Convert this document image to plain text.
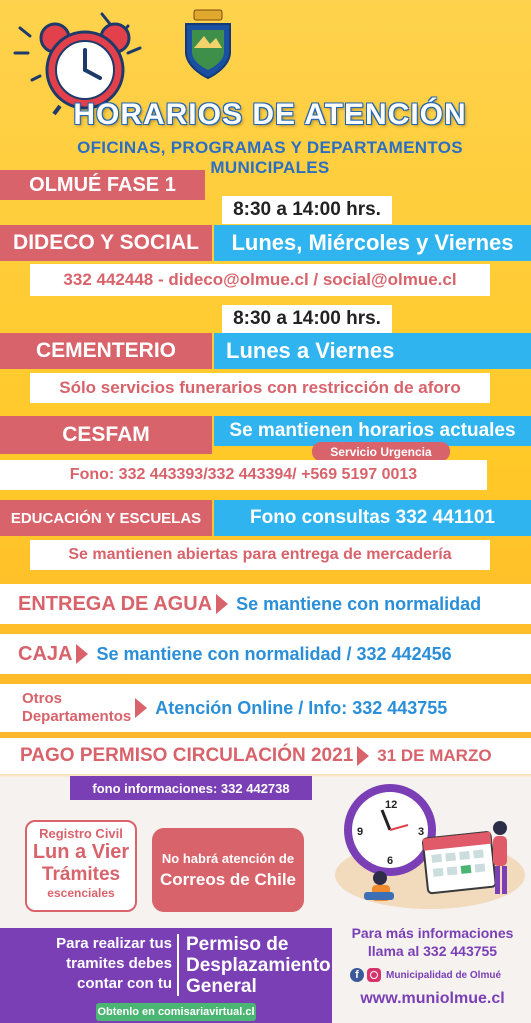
HORARIOS DE ATENCIÓN
OFICINAS, PROGRAMAS Y DEPARTAMENTOS MUNICIPALES
OLMUÉ FASE 1
8:30 a 14:00 hrs.
DIDECO Y SOCIAL	Lunes, Miércoles y Viernes
332 442448 - dideco@olmue.cl / social@olmue.cl
8:30 a 14:00 hrs.
CEMENTERIO	Lunes a Viernes
Sólo servicios funerarios con restricción de aforo
CESFAM	Se mantienen horarios actuales
Servicio Urgencia
Fono: 332 443393/332 443394/ +569 5197 0013
EDUCACIÓN Y ESCUELAS	Fono consultas 332 441101
Se mantienen abiertas para entrega de mercadería
ENTREGA DE AGUA Se mantiene con normalidad
CAJA Se mantiene con normalidad / 332 442456
Otros
Departamentos Atención Online / Info: 332 443755
PAGO PERMISO CIRCULACIÓN 2021 31 DE MARZO
fono informaciones: 332 442738
Registro Civil
Lun a Vier
Trámites
escenciales
No habrá atención de
Correos de Chile
12
9	3
6
Para realizar tus
tramites debes
contar con tu
Permiso de
Desplazamiento
General
Obtenlo en comisariavirtual.cl
Para más informaciones
llama al 332 443755
f	Municipalidad de Olmué
www.muniolmue.cl
